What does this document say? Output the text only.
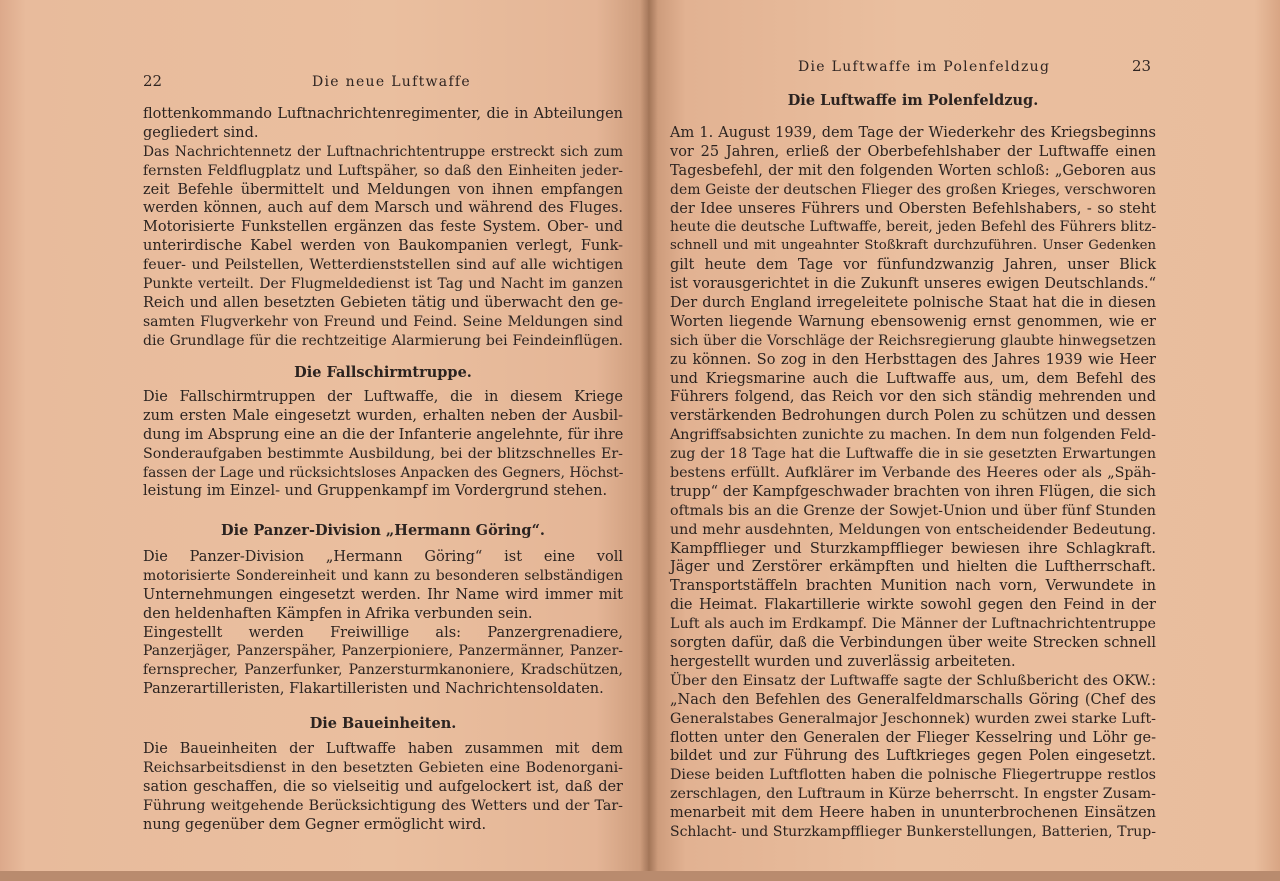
22	Die neue Luftwaffe
flottenkommando Luftnachrichtenregimenter, die in Abteilungen
gegliedert sind.
Das Nachrichtennetz der Luftnachrichtentruppe erstreckt sich zum
fernsten Feldflugplatz und Luftspäher, so daß den Einheiten jeder-
zeit Befehle übermittelt und Meldungen von ihnen empfangen
werden können, auch auf dem Marsch und während des Fluges.
Motorisierte Funkstellen ergänzen das feste System. Ober- und
unterirdische Kabel werden von Baukompanien verlegt, Funk-
feuer- und Peilstellen, Wetterdienststellen sind auf alle wichtigen
Punkte verteilt. Der Flugmeldedienst ist Tag und Nacht im ganzen
Reich und allen besetzten Gebieten tätig und überwacht den ge-
samten Flugverkehr von Freund und Feind. Seine Meldungen sind
die Grundlage für die rechtzeitige Alarmierung bei Feindeinflügen.
Die Fallschirmtruppe.
Die Fallschirmtruppen der Luftwaffe, die in diesem Kriege
zum ersten Male eingesetzt wurden, erhalten neben der Ausbil-
dung im Absprung eine an die der Infanterie angelehnte, für ihre
Sonderaufgaben bestimmte Ausbildung, bei der blitzschnelles Er-
fassen der Lage und rücksichtsloses Anpacken des Gegners, Höchst-
leistung im Einzel- und Gruppenkampf im Vordergrund stehen.
Die Panzer-Division „Hermann Göring“.
Die Panzer-Division „Hermann Göring“ ist eine voll
motorisierte Sondereinheit und kann zu besonderen selbständigen
Unternehmungen eingesetzt werden. Ihr Name wird immer mit
den heldenhaften Kämpfen in Afrika verbunden sein.
Eingestellt werden Freiwillige als: Panzergrenadiere,
Panzerjäger, Panzerspäher, Panzerpioniere, Panzermänner, Panzer-
fernsprecher, Panzerfunker, Panzersturmkanoniere, Kradschützen,
Panzerartilleristen, Flakartilleristen und Nachrichtensoldaten.
Die Baueinheiten.
Die Baueinheiten der Luftwaffe haben zusammen mit dem
Reichsarbeitsdienst in den besetzten Gebieten eine Bodenorgani-
sation geschaffen, die so vielseitig und aufgelockert ist, daß der
Führung weitgehende Berücksichtigung des Wetters und der Tar-
nung gegenüber dem Gegner ermöglicht wird.
Die Luftwaffe im Polenfeldzug	23
Die Luftwaffe im Polenfeldzug.
Am 1. August 1939, dem Tage der Wiederkehr des Kriegsbeginns
vor 25 Jahren, erließ der Oberbefehlshaber der Luftwaffe einen
Tagesbefehl, der mit den folgenden Worten schloß: „Geboren aus
dem Geiste der deutschen Flieger des großen Krieges, verschworen
der Idee unseres Führers und Obersten Befehlshabers, - so steht
heute die deutsche Luftwaffe, bereit, jeden Befehl des Führers blitz-
schnell und mit ungeahnter Stoßkraft durchzuführen. Unser Gedenken
gilt heute dem Tage vor fünfundzwanzig Jahren, unser Blick
ist vorausgerichtet in die Zukunft unseres ewigen Deutschlands.“
Der durch England irregeleitete polnische Staat hat die in diesen
Worten liegende Warnung ebensowenig ernst genommen, wie er
sich über die Vorschläge der Reichsregierung glaubte hinwegsetzen
zu können. So zog in den Herbsttagen des Jahres 1939 wie Heer
und Kriegsmarine auch die Luftwaffe aus, um, dem Befehl des
Führers folgend, das Reich vor den sich ständig mehrenden und
verstärkenden Bedrohungen durch Polen zu schützen und dessen
Angriffsabsichten zunichte zu machen. In dem nun folgenden Feld-
zug der 18 Tage hat die Luftwaffe die in sie gesetzten Erwartungen
bestens erfüllt. Aufklärer im Verbande des Heeres oder als „Späh-
trupp“ der Kampfgeschwader brachten von ihren Flügen, die sich
oftmals bis an die Grenze der Sowjet-Union und über fünf Stunden
und mehr ausdehnten, Meldungen von entscheidender Bedeutung.
Kampfflieger und Sturzkampfflieger bewiesen ihre Schlagkraft.
Jäger und Zerstörer erkämpften und hielten die Luftherrschaft.
Transportstäffeln brachten Munition nach vorn, Verwundete in
die Heimat. Flakartillerie wirkte sowohl gegen den Feind in der
Luft als auch im Erdkampf. Die Männer der Luftnachrichtentruppe
sorgten dafür, daß die Verbindungen über weite Strecken schnell
hergestellt wurden und zuverlässig arbeiteten.
Über den Einsatz der Luftwaffe sagte der Schlußbericht des OKW.:
„Nach den Befehlen des Generalfeldmarschalls Göring (Chef des
Generalstabes Generalmajor Jeschonnek) wurden zwei starke Luft-
flotten unter den Generalen der Flieger Kesselring und Löhr ge-
bildet und zur Führung des Luftkrieges gegen Polen eingesetzt.
Diese beiden Luftflotten haben die polnische Fliegertruppe restlos
zerschlagen, den Luftraum in Kürze beherrscht. In engster Zusam-
menarbeit mit dem Heere haben in ununterbrochenen Einsätzen
Schlacht- und Sturzkampfflieger Bunkerstellungen, Batterien, Trup-
